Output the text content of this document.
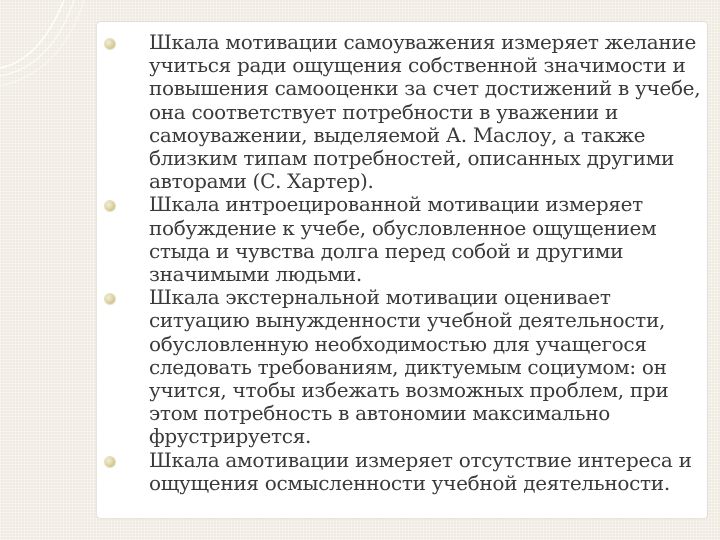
Шкала мотивации самоуважения измеряет желание учиться ради ощущения собственной значимости и повышения самооценки за счет достижений в учебе, она соответствует потребности в уважении и самоуважении, выделяемой А. Маслоу, а также близким типам потребностей, описанных другими авторами (С. Хартер).
Шкала интроецированной мотивации измеряет побуждение к учебе, обусловленное ощущением стыда и чувства долга перед собой и другими значимыми людьми.
Шкала экстернальной мотивации оценивает ситуацию вынужденности учебной деятельности, обусловленную необходимостью для учащегося следовать требованиям, диктуемым социумом: он учится, чтобы избежать возможных проблем, при этом потребность в автономии максимально фрустрируется.
Шкала амотивации измеряет отсутствие интереса и ощущения осмысленности учебной деятельности.
